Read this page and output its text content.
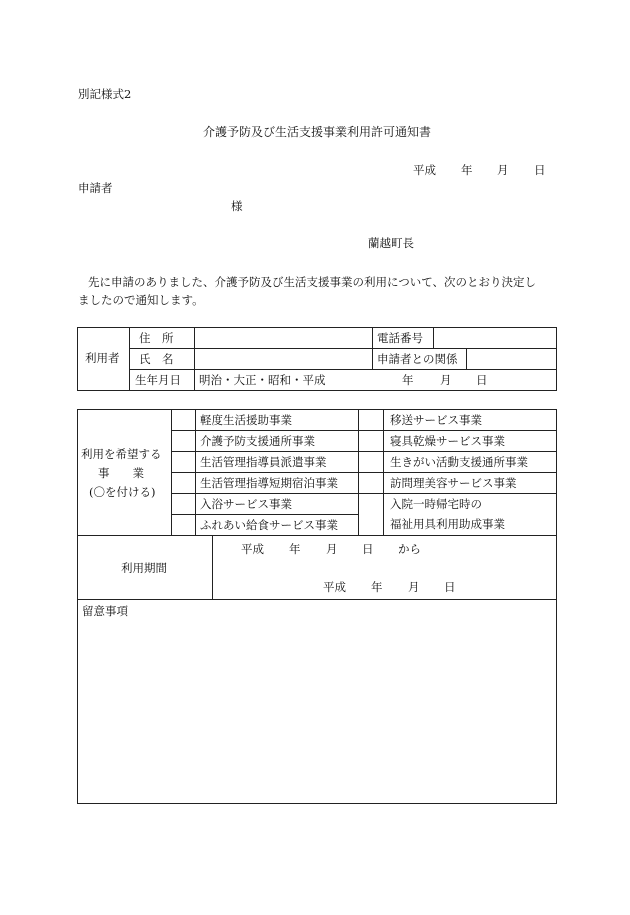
別記様式2
介護予防及び生活支援事業利用許可通知書
平成 年 月 日
申請者
様
蘭越町長
先に申請のありました、介護予防及び生活支援事業の利用について、次のとおり決定し
ましたので通知します。
利用者
住　所
氏　名
生年月日
電話番号
申請者との関係
明治・大正・昭和・平成	年 月 日
利用を希望する
事　　業
(〇を付ける)
軽度生活援助事業
介護予防支援通所事業
生活管理指導員派遣事業
生活管理指導短期宿泊事業
入浴サービス事業
ふれあい給食サービス事業
移送サービス事業
寝具乾燥サービス事業
生きがい活動支援通所事業
訪問理美容サービス事業
入院一時帰宅時の
福祉用具利用助成事業
利用期間
平成 年 月 日 から
平成 年 月 日
留意事項
